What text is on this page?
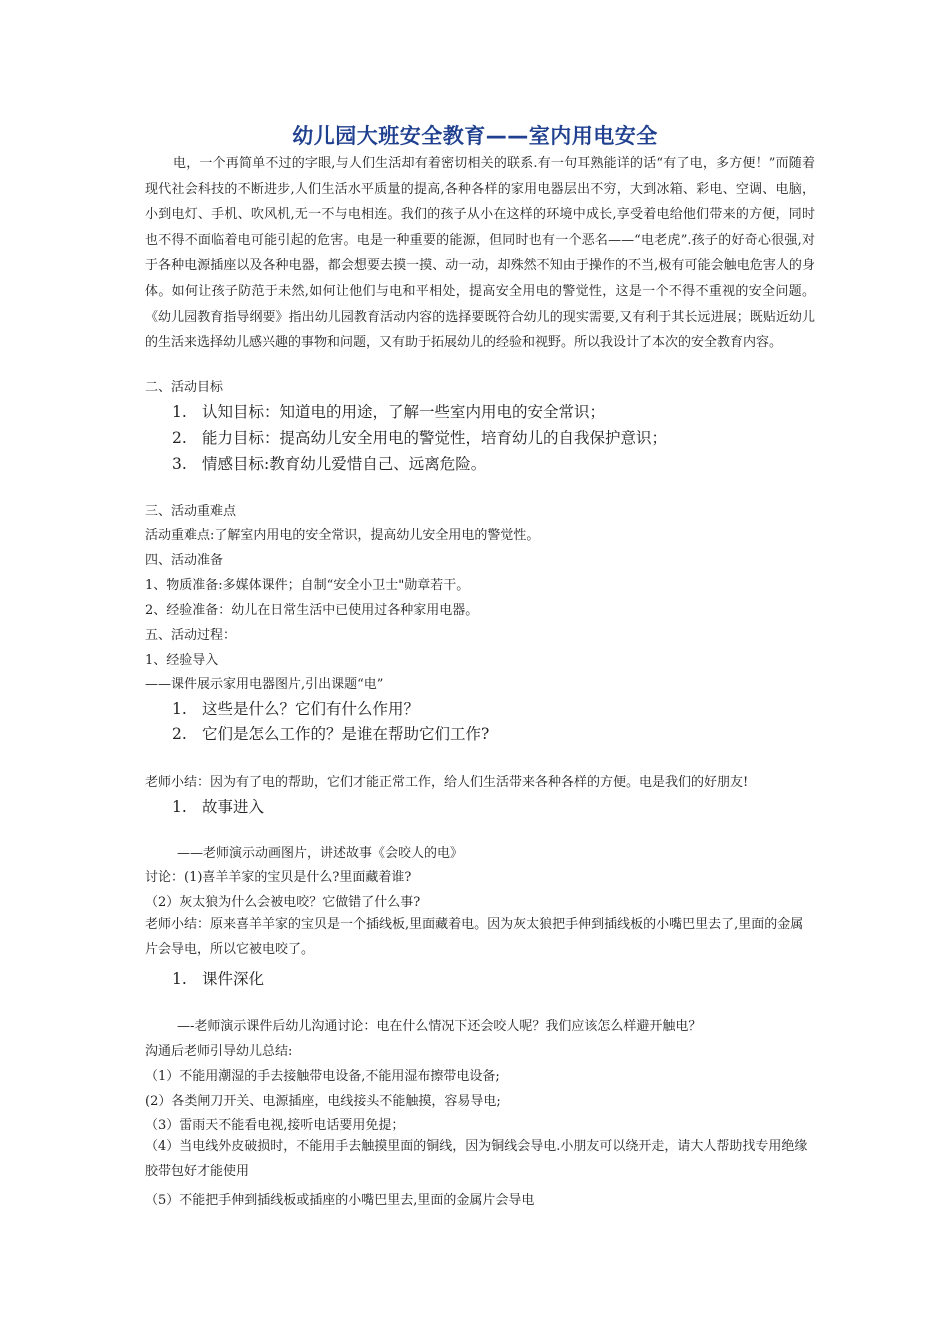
幼儿园大班安全教育——室内用电安全
电，一个再简单不过的字眼,与人们生活却有着密切相关的联系.有一句耳熟能详的话“有了电，多方便！”而随着现代社会科技的不断进步,人们生活水平质量的提高,各种各样的家用电器层出不穷，大到冰箱、彩电、空调、电脑，小到电灯、手机、吹风机,无一不与电相连。我们的孩子从小在这样的环境中成长,享受着电给他们带来的方便，同时也不得不面临着电可能引起的危害。电是一种重要的能源，但同时也有一个恶名——“电老虎”.孩子的好奇心很强,对于各种电源插座以及各种电器，都会想要去摸一摸、动一动，却殊然不知由于操作的不当,极有可能会触电危害人的身体。如何让孩子防范于未然,如何让他们与电和平相处，提高安全用电的警觉性，这是一个不得不重视的安全问题。《幼儿园教育指导纲要》指出幼儿园教育活动内容的选择要既符合幼儿的现实需要,又有利于其长远进展；既贴近幼儿的生活来选择幼儿感兴趣的事物和问题，又有助于拓展幼儿的经验和视野。所以我设计了本次的安全教育内容。
二、活动目标
1. 认知目标：知道电的用途，了解一些室内用电的安全常识；
2. 能力目标：提高幼儿安全用电的警觉性，培育幼儿的自我保护意识；
3. 情感目标:教育幼儿爱惜自己、远离危险。
三、活动重难点
活动重难点:了解室内用电的安全常识，提高幼儿安全用电的警觉性。
四、活动准备
1、物质准备:多媒体课件；自制“安全小卫士"勋章若干。
2、经验准备：幼儿在日常生活中已使用过各种家用电器。
五、活动过程：
1、经验导入
——课件展示家用电器图片,引出课题“电”
1. 这些是什么？它们有什么作用？
2. 它们是怎么工作的？是谁在帮助它们工作?
老师小结：因为有了电的帮助，它们才能正常工作，给人们生活带来各种各样的方便。电是我们的好朋友!
1. 故事进入
——老师演示动画图片，讲述故事《会咬人的电》
讨论：(1)喜羊羊家的宝贝是什么?里面藏着谁?
（2）灰太狼为什么会被电咬？它做错了什么事?
老师小结：原来喜羊羊家的宝贝是一个插线板,里面藏着电。因为灰太狼把手伸到插线板的小嘴巴里去了,里面的金属片会导电，所以它被电咬了。
1. 课件深化
—-老师演示课件后幼儿沟通讨论：电在什么情况下还会咬人呢？我们应该怎么样避开触电？
沟通后老师引导幼儿总结:
（1）不能用潮湿的手去接触带电设备,不能用湿布擦带电设备;
(2）各类闸刀开关、电源插座，电线接头不能触摸，容易导电;
（3）雷雨天不能看电视,接听电话要用免提；
（4）当电线外皮破损时，不能用手去触摸里面的铜线，因为铜线会导电.小朋友可以绕开走，请大人帮助找专用绝缘胶带包好才能使用
（5）不能把手伸到插线板或插座的小嘴巴里去,里面的金属片会导电
